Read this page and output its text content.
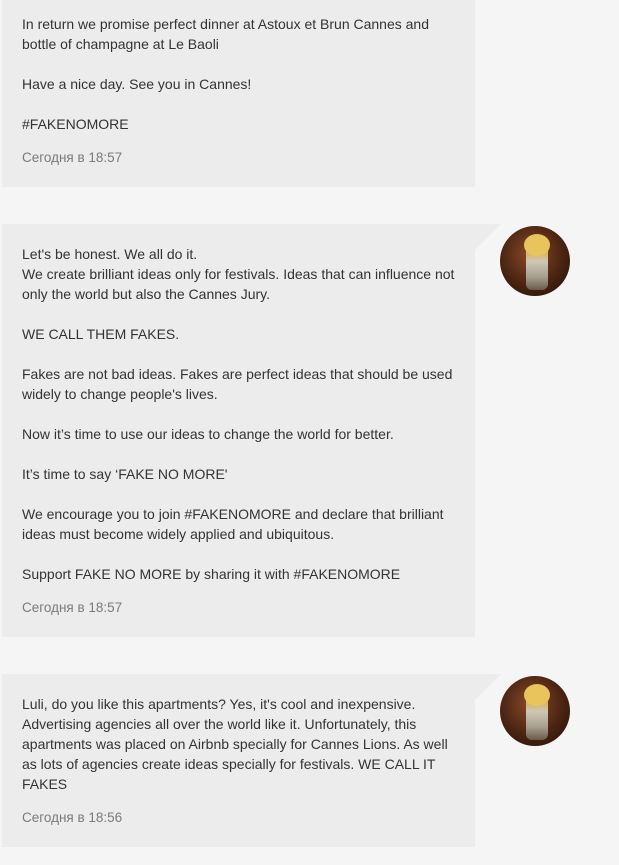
In return we promise perfect dinner at Astoux et Brun Cannes and bottle of champagne at Le Baoli

Have a nice day. See you in Cannes!

#FAKENOMORE

Сегодня в 18:57

Let's be honest. We all do it.
We create brilliant ideas only for festivals. Ideas that can influence not only the world but also the Cannes Jury.

WE CALL THEM FAKES.

Fakes are not bad ideas. Fakes are perfect ideas that should be used widely to change people's lives.

Now it’s time to use our ideas to change the world for better.

It’s time to say ‘FAKE NO MORE'

We encourage you to join #FAKENOMORE and declare that brilliant ideas must become widely applied and ubiquitous.

Support FAKE NO MORE by sharing it with #FAKENOMORE

Сегодня в 18:57

Luli, do you like this apartments? Yes, it's cool and inexpensive. Advertising agencies all over the world like it. Unfortunately, this apartments was placed on Airbnb specially for Cannes Lions. As well as lots of agencies create ideas specially for festivals. WE CALL IT FAKES

Сегодня в 18:56
